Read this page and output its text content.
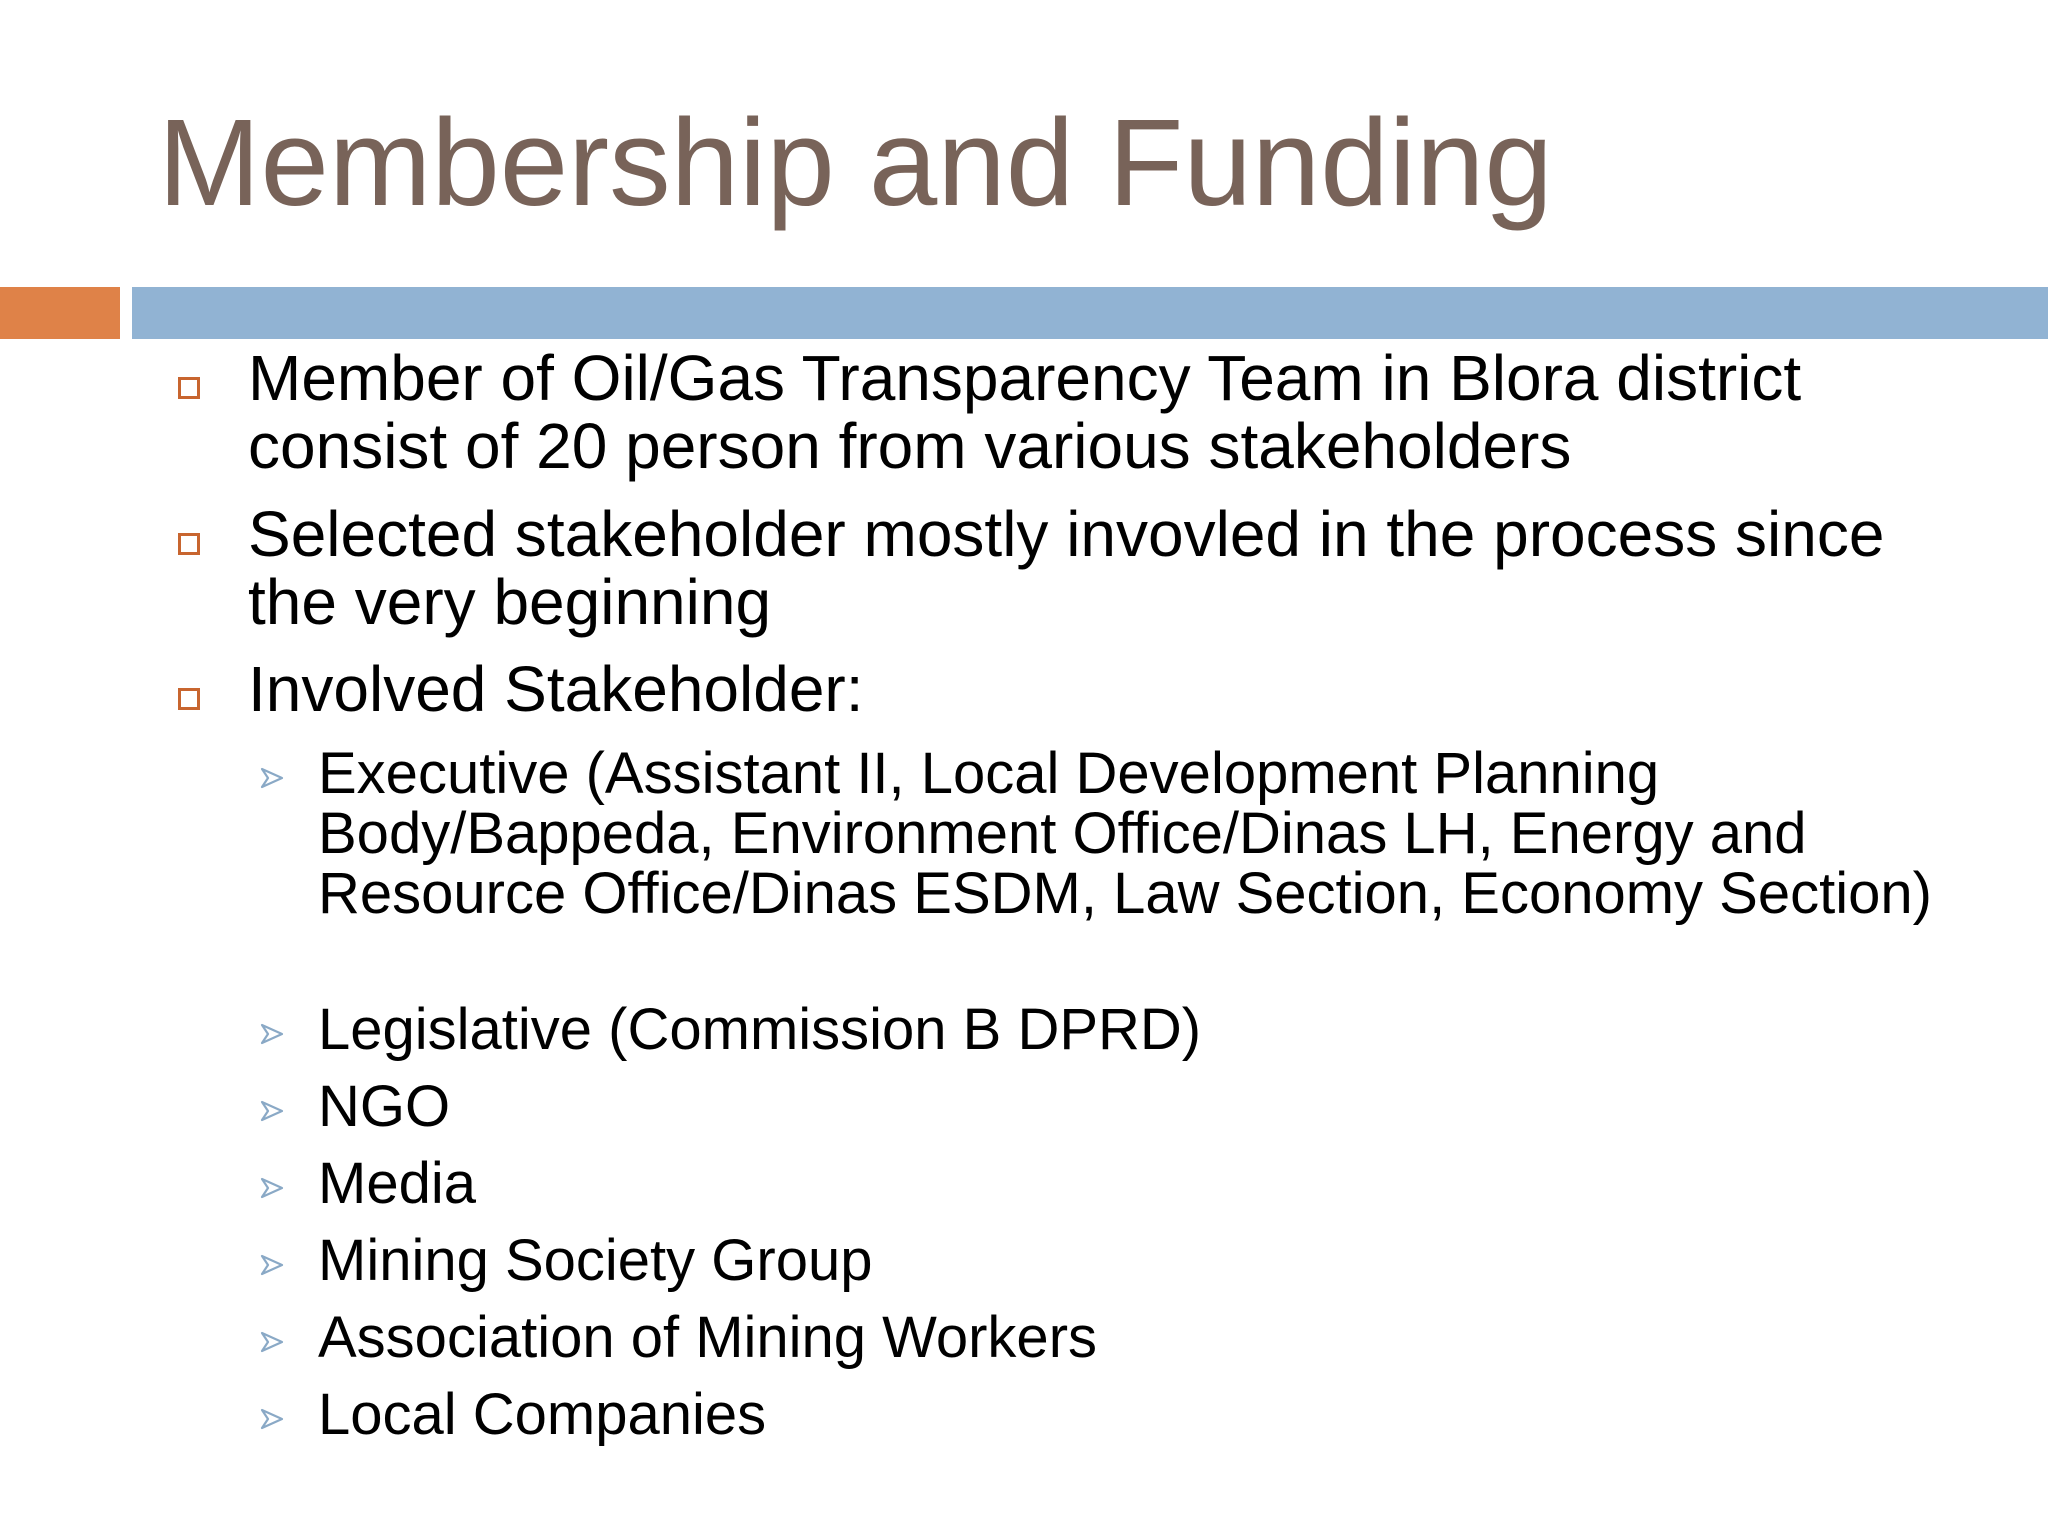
Membership and Funding
Member of Oil/Gas Transparency Team in Blora district consist of 20 person from various stakeholders
Selected stakeholder mostly invovled in the process since the very beginning
Involved Stakeholder:
Executive (Assistant II, Local Development Planning Body/Bappeda, Environment Office/Dinas LH, Energy and Resource Office/Dinas ESDM, Law Section, Economy Section)
Legislative (Commission B DPRD)
NGO
Media
Mining Society Group
Association of Mining Workers
Local Companies
